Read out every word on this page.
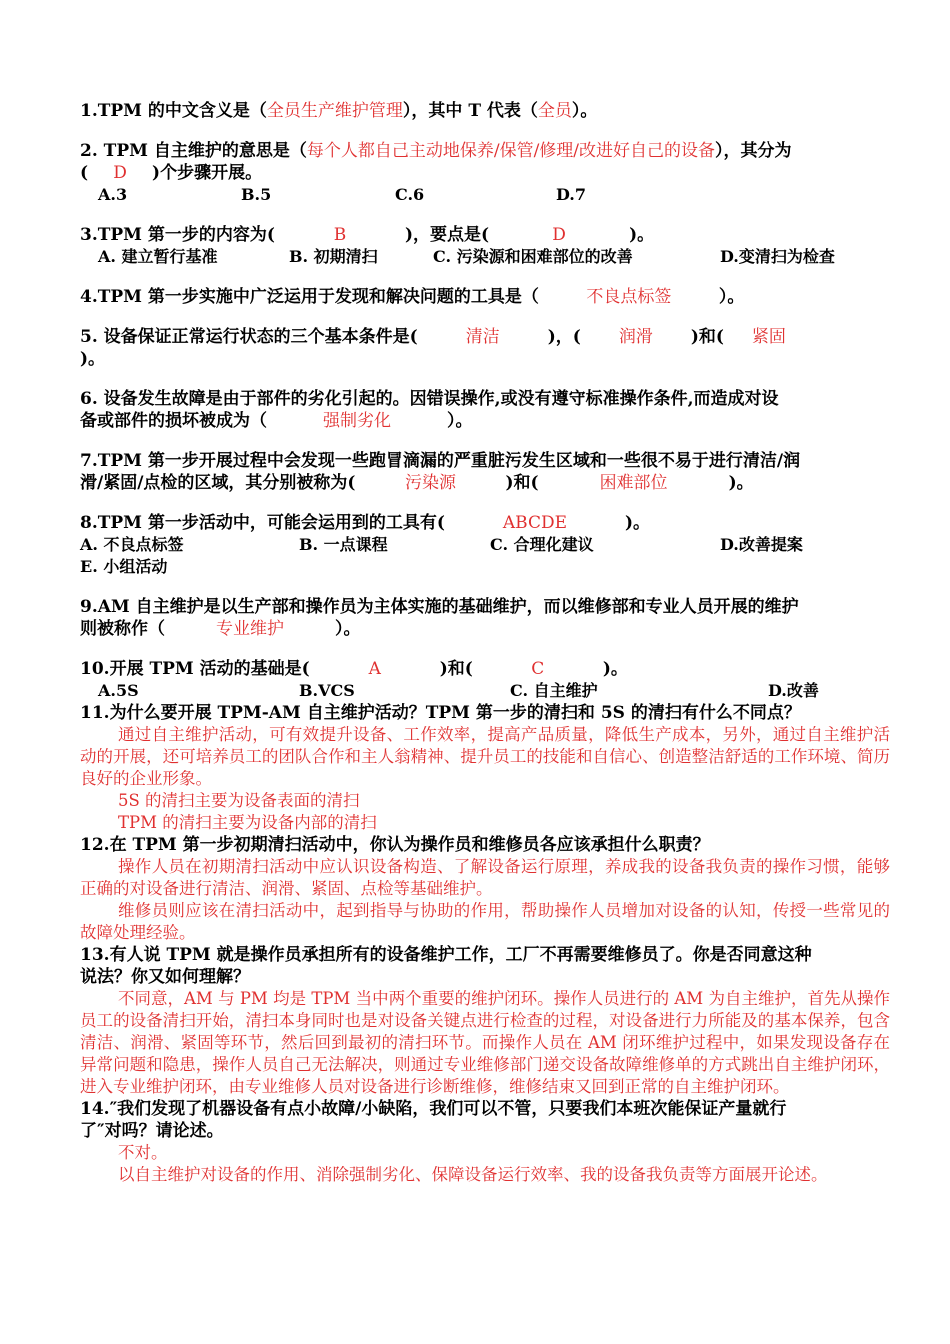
1.TPM 的中文含义是（全员生产维护管理），其中 T 代表（全员）。
2. TPM 自主维护的意思是（每个人都自己主动地保养/保管/修理/改进好自己的设备），其分为
( D )个步骤开展。
A.3	B.5	C.6	D.7
3.TPM 第一步的内容为(	B	)，要点是(	D	)。
A. 建立暂行基准	B. 初期清扫	C. 污染源和困难部位的改善	D.变清扫为检查
4.TPM 第一步实施中广泛运用于发现和解决问题的工具是（	不良点标签	）。
5. 设备保证正常运行状态的三个基本条件是(	清洁	)，( 润滑 )和( 紧固
)。
6. 设备发生故障是由于部件的劣化引起的。因错误操作,或没有遵守标准操作条件,而造成对设
备或部件的损坏被成为（	强制劣化	）。
7.TPM 第一步开展过程中会发现一些跑冒滴漏的严重脏污发生区域和一些很不易于进行清洁/润
滑/紧固/点检的区域，其分别被称为(	污染源	)和(	困难部位	)。
8.TPM 第一步活动中，可能会运用到的工具有(	ABCDE	)。
A. 不良点标签	B. 一点课程	C. 合理化建议	D.改善提案
E. 小组活动
9.AM 自主维护是以生产部和操作员为主体实施的基础维护，而以维修部和专业人员开展的维护
则被称作（	专业维护	）。
10.开展 TPM 活动的基础是(	A	)和(	C	)。
A.5S	B.VCS	C. 自主维护	D.改善
11.为什么要开展 TPM-AM 自主维护活动？TPM 第一步的清扫和 5S 的清扫有什么不同点？
通过自主维护活动，可有效提升设备、工作效率，提高产品质量，降低生产成本，另外，通过自主维护活动的开展，还可培养员工的团队合作和主人翁精神、提升员工的技能和自信心、创造整洁舒适的工作环境、简历良好的企业形象。
5S 的清扫主要为设备表面的清扫
TPM 的清扫主要为设备内部的清扫
12.在 TPM 第一步初期清扫活动中，你认为操作员和维修员各应该承担什么职责？
操作人员在初期清扫活动中应认识设备构造、了解设备运行原理，养成我的设备我负责的操作习惯，能够正确的对设备进行清洁、润滑、紧固、点检等基础维护。
维修员则应该在清扫活动中，起到指导与协助的作用，帮助操作人员增加对设备的认知，传授一些常见的故障处理经验。
13.有人说 TPM 就是操作员承担所有的设备维护工作，工厂不再需要维修员了。你是否同意这种
说法？你又如何理解？
不同意，AM 与 PM 均是 TPM 当中两个重要的维护闭环。操作人员进行的 AM 为自主维护，首先从操作员工的设备清扫开始，清扫本身同时也是对设备关键点进行检查的过程，对设备进行力所能及的基本保养，包含清洁、润滑、紧固等环节，然后回到最初的清扫环节。而操作人员在 AM 闭环维护过程中，如果发现设备存在异常问题和隐患，操作人员自己无法解决，则通过专业维修部门递交设备故障维修单的方式跳出自主维护闭环，进入专业维护闭环，由专业维修人员对设备进行诊断维修，维修结束又回到正常的自主维护闭环。
14.″我们发现了机器设备有点小故障/小缺陷，我们可以不管，只要我们本班次能保证产量就行
了″对吗？请论述。
不对。
以自主维护对设备的作用、消除强制劣化、保障设备运行效率、我的设备我负责等方面展开论述。
